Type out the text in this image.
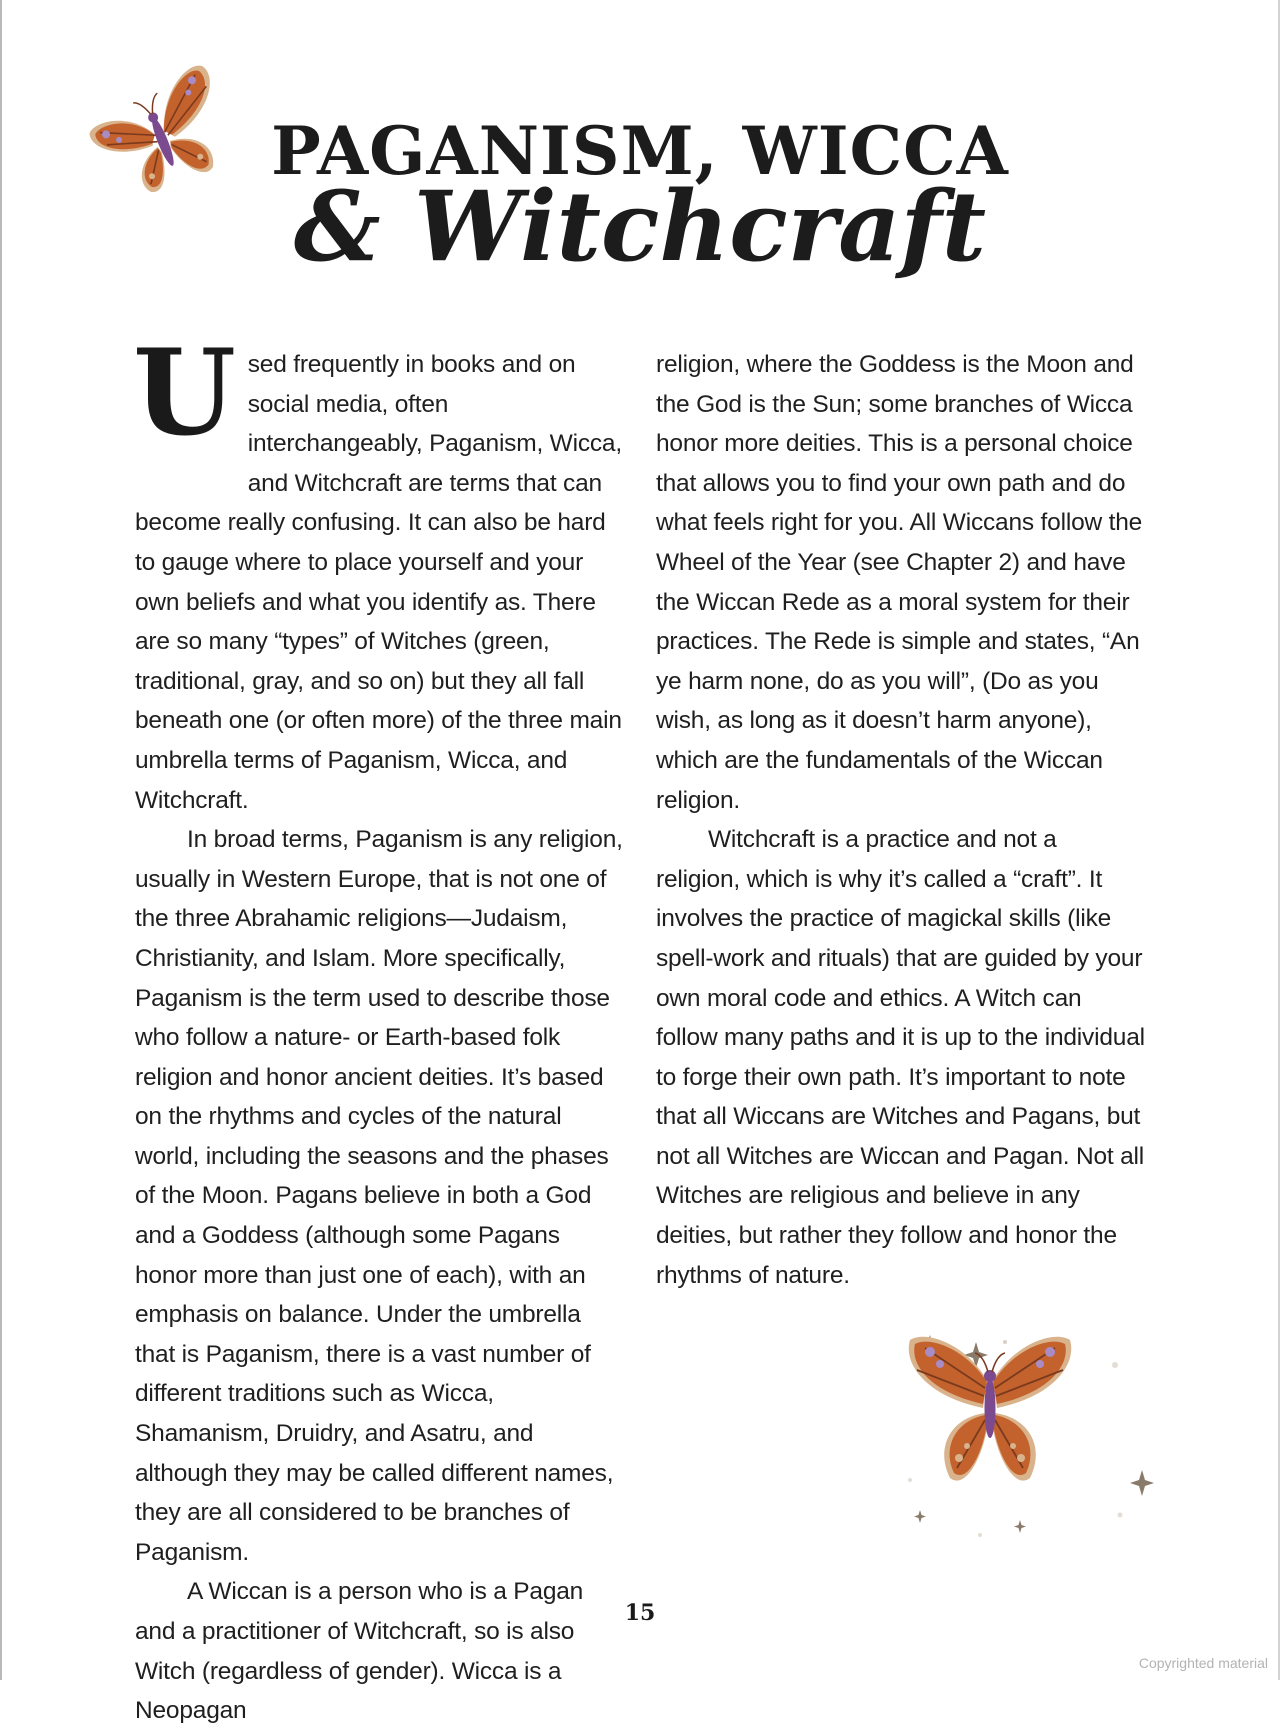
PAGANISM, WICCA
& Witchcraft

Used frequently in books and on social media, often interchangeably, Paganism, Wicca, and Witchcraft are terms that can become really confusing. It can also be hard to gauge where to place yourself and your own beliefs and what you identify as. There are so many “types” of Witches (green, traditional, gray, and so on) but they all fall beneath one (or often more) of the three main umbrella terms of Paganism, Wicca, and Witchcraft.

In broad terms, Paganism is any religion, usually in Western Europe, that is not one of the three Abrahamic religions—Judaism, Christianity, and Islam. More specifically, Paganism is the term used to describe those who follow a nature- or Earth-based folk religion and honor ancient deities. It’s based on the rhythms and cycles of the natural world, including the seasons and the phases of the Moon. Pagans believe in both a God and a Goddess (although some Pagans honor more than just one of each), with an emphasis on balance. Under the umbrella that is Paganism, there is a vast number of different traditions such as Wicca, Shamanism, Druidry, and Asatru, and although they may be called different names, they are all considered to be branches of Paganism.

A Wiccan is a person who is a Pagan and a practitioner of Witchcraft, so is also Witch (regardless of gender). Wicca is a Neopagan

religion, where the Goddess is the Moon and the God is the Sun; some branches of Wicca honor more deities. This is a personal choice that allows you to find your own path and do what feels right for you. All Wiccans follow the Wheel of the Year (see Chapter 2) and have the Wiccan Rede as a moral system for their practices. The Rede is simple and states, “An ye harm none, do as you will”, (Do as you wish, as long as it doesn’t harm anyone), which are the fundamentals of the Wiccan religion.

Witchcraft is a practice and not a religion, which is why it’s called a “craft”. It involves the practice of magickal skills (like spell-work and rituals) that are guided by your own moral code and ethics. A Witch can follow many paths and it is up to the individual to forge their own path. It’s important to note that all Wiccans are Witches and Pagans, but not all Witches are Wiccan and Pagan. Not all Witches are religious and believe in any deities, but rather they follow and honor the rhythms of nature.

15
Copyrighted material
